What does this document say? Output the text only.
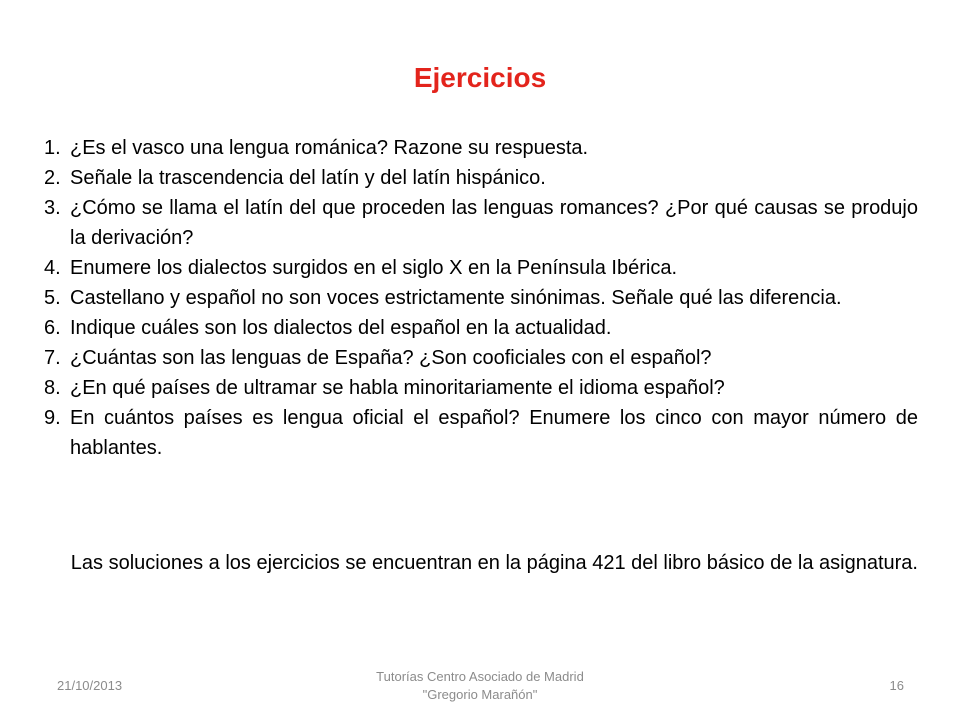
Ejercicios
1. ¿Es el vasco una lengua románica? Razone su respuesta.
2. Señale la trascendencia del latín y del latín hispánico.
3. ¿Cómo se llama el latín del que proceden las lenguas romances? ¿Por qué causas se produjo la derivación?
4. Enumere los dialectos surgidos en el siglo X en la Península Ibérica.
5. Castellano y español no son voces estrictamente sinónimas. Señale qué las diferencia.
6. Indique cuáles son los dialectos del español en la actualidad.
7. ¿Cuántas son las lenguas de España? ¿Son cooficiales con el español?
8. ¿En qué países de ultramar se habla minoritariamente el idioma español?
9. En cuántos países es lengua oficial el español? Enumere los cinco con mayor número de hablantes.
Las soluciones a los ejercicios se encuentran en la página 421 del libro básico de la asignatura.
21/10/2013
Tutorías Centro Asociado de Madrid
"Gregorio Marañón"
16
